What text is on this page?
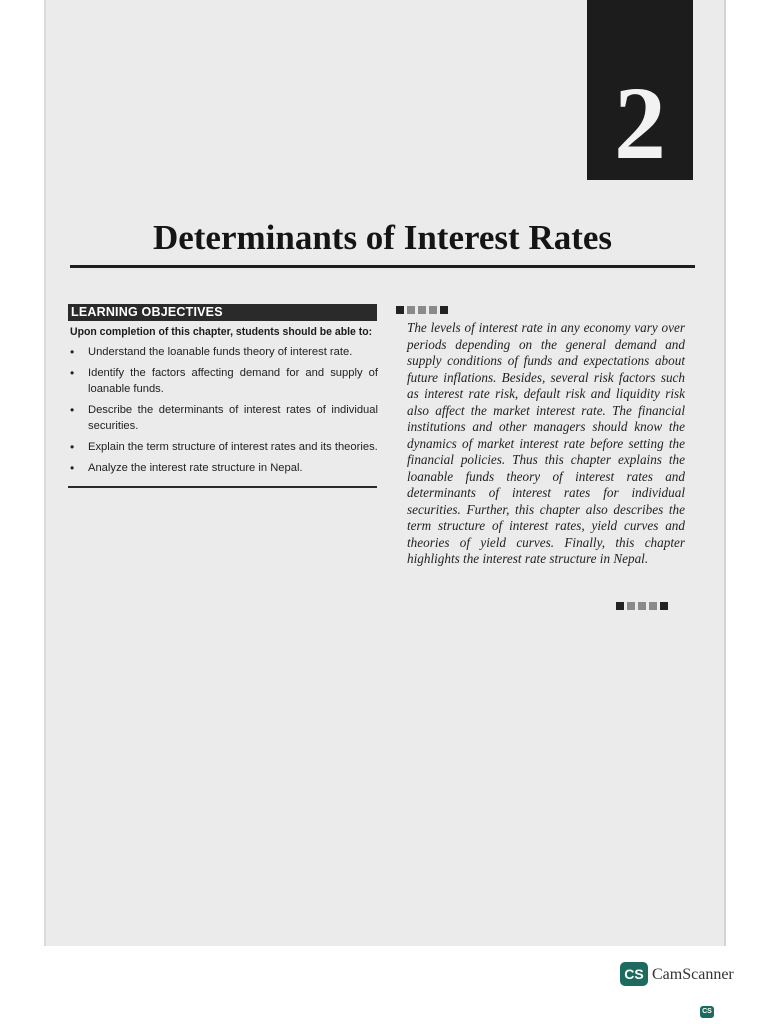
2
Determinants of Interest Rates
LEARNING OBJECTIVES
Upon completion of this chapter, students should be able to:
• Understand the loanable funds theory of interest rate.
• Identify the factors affecting demand for and supply of loanable funds.
• Describe the determinants of interest rates of individual securities.
• Explain the term structure of interest rates and its theories.
• Analyze the interest rate structure in Nepal.
The levels of interest rate in any economy vary over periods depending on the general demand and supply conditions of funds and expectations about future inflations. Besides, several risk factors such as interest rate risk, default risk and liquidity risk also affect the market interest rate. The financial institutions and other managers should know the dynamics of market interest rate before setting the financial policies. Thus this chapter explains the loanable funds theory of interest rates and determinants of interest rates for individual securities. Further, this chapter also describes the term structure of interest rates, yield curves and theories of yield curves. Finally, this chapter highlights the interest rate structure in Nepal.
CS CamScanner
CS
